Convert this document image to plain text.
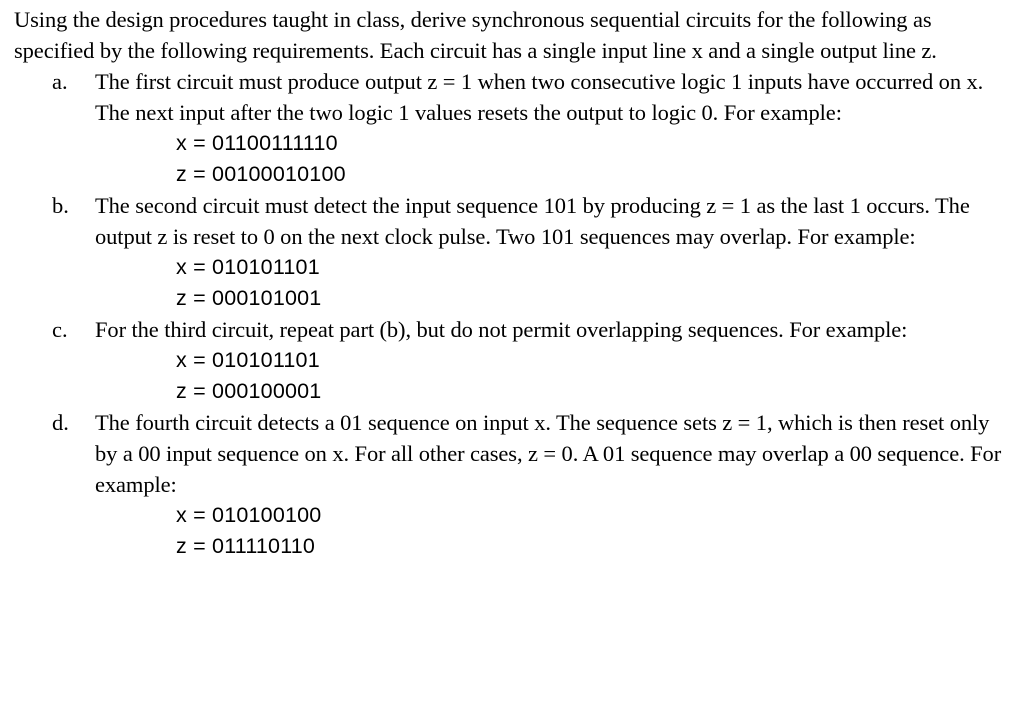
Using the design procedures taught in class, derive synchronous sequential circuits for the following as specified by the following requirements. Each circuit has a single input line x and a single output line z.

a. The first circuit must produce output z = 1 when two consecutive logic 1 inputs have occurred on x. The next input after the two logic 1 values resets the output to logic 0. For example:
x = 01100111110
z = 00100010100
b. The second circuit must detect the input sequence 101 by producing z = 1 as the last 1 occurs. The output z is reset to 0 on the next clock pulse. Two 101 sequences may overlap. For example:
x = 010101101
z = 000101001
c. For the third circuit, repeat part (b), but do not permit overlapping sequences. For example:
x = 010101101
z = 000100001
d. The fourth circuit detects a 01 sequence on input x. The sequence sets z = 1, which is then reset only by a 00 input sequence on x. For all other cases, z = 0. A 01 sequence may overlap a 00 sequence. For example:
x = 010100100
z = 011110110
